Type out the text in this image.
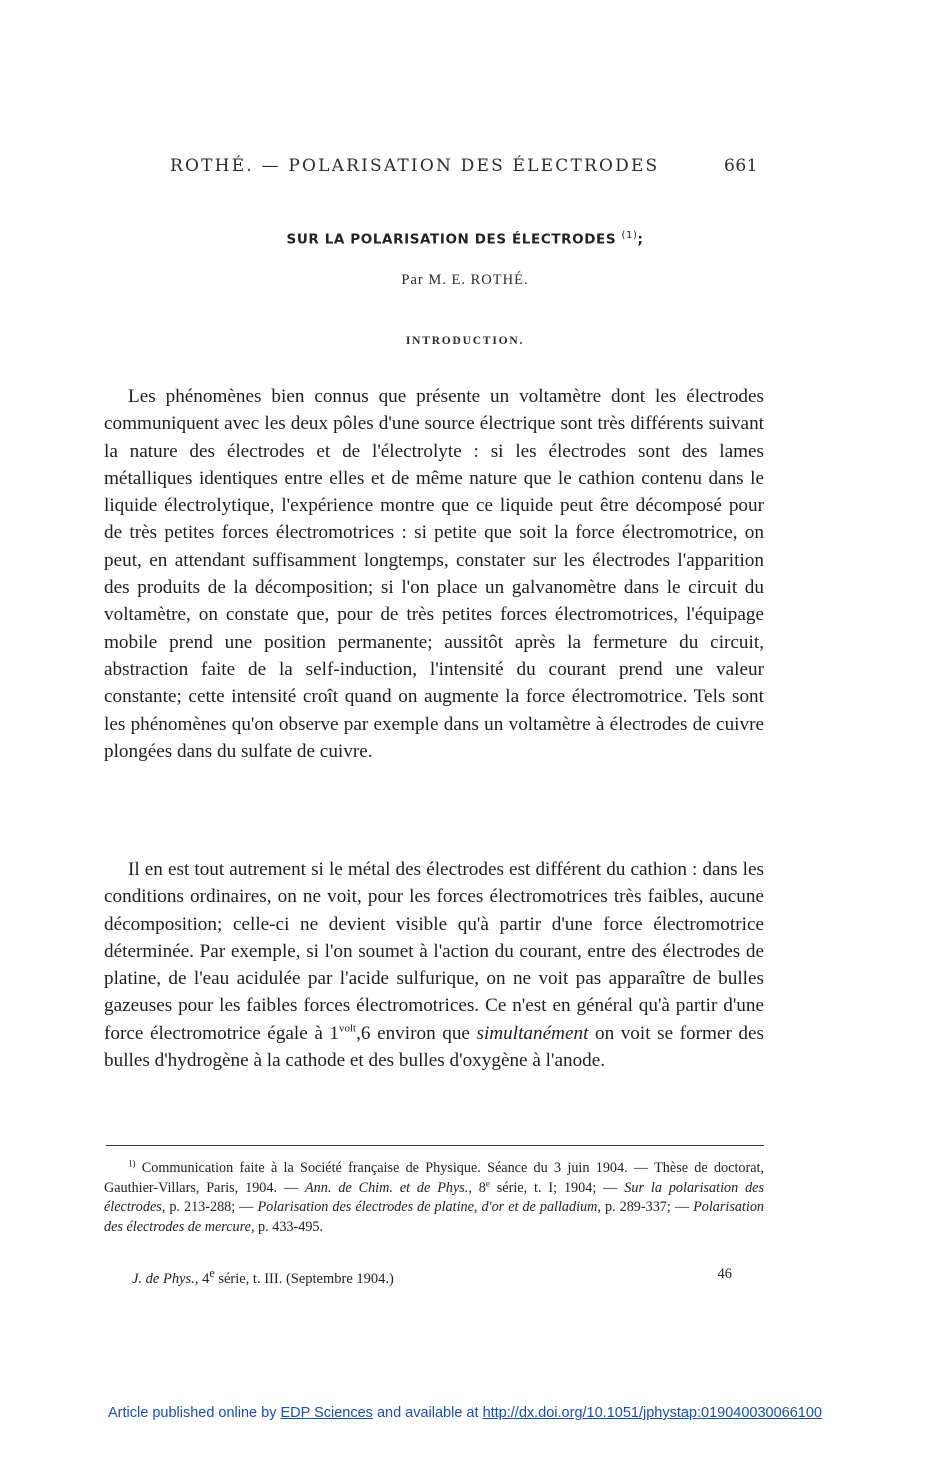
ROTHÉ. — POLARISATION DES ÉLECTRODES	661
SUR LA POLARISATION DES ÉLECTRODES $^{(1)}$;
Par M. E. ROTHÉ.
INTRODUCTION.

Les phénomènes bien connus que présente un voltamètre dont les électrodes communiquent avec les deux pôles d'une source électrique sont très différents suivant la nature des électrodes et de l'électrolyte : si les électrodes sont des lames métalliques identiques entre elles et de même nature que le cathion contenu dans le liquide électrolytique, l'expérience montre que ce liquide peut être décomposé pour de très petites forces électromotrices : si petite que soit la force électromotrice, on peut, en attendant suffisamment longtemps, constater sur les électrodes l'apparition des produits de la décomposition; si l'on place un galvanomètre dans le circuit du voltamètre, on constate que, pour de très petites forces électromotrices, l'équipage mobile prend une position permanente; aussitôt après la fermeture du circuit, abstraction faite de la self-induction, l'intensité du courant prend une valeur constante; cette intensité croît quand on augmente la force électromotrice. Tels sont les phénomènes qu'on observe par exemple dans un voltamètre à électrodes de cuivre plongées dans du sulfate de cuivre.

Il en est tout autrement si le métal des électrodes est différent du cathion : dans les conditions ordinaires, on ne voit, pour les forces électromotrices très faibles, aucune décomposition; celle-ci ne devient visible qu'à partir d'une force électromotrice déterminée. Par exemple, si l'on soumet à l'action du courant, entre des électrodes de platine, de l'eau acidulée par l'acide sulfurique, on ne voit pas apparaître de bulles gazeuses pour les faibles forces électromotrices. Ce n'est en général qu'à partir d'une force électromotrice égale à $1^{volt},6$ environ que simultanément on voit se former des bulles d'hydrogène à la cathode et des bulles d'oxygène à l'anode.

$^{1)}$ Communication faite à la Société française de Physique. Séance du 3 juin 1904. — Thèse de doctorat, Gauthier-Villars, Paris, 1904. — Ann. de Chim. et de Phys., 8e série, t. I; 1904; — Sur la polarisation des électrodes, p. 213-288; — Polarisation des électrodes de platine, d'or et de palladium, p. 289-337; — Polarisation des électrodes de mercure, p. 433-495.

J. de Phys., 4e série, t. III. (Septembre 1904.)	46
Article published online by EDP Sciences and available at http://dx.doi.org/10.1051/jphystap:019040030066100
